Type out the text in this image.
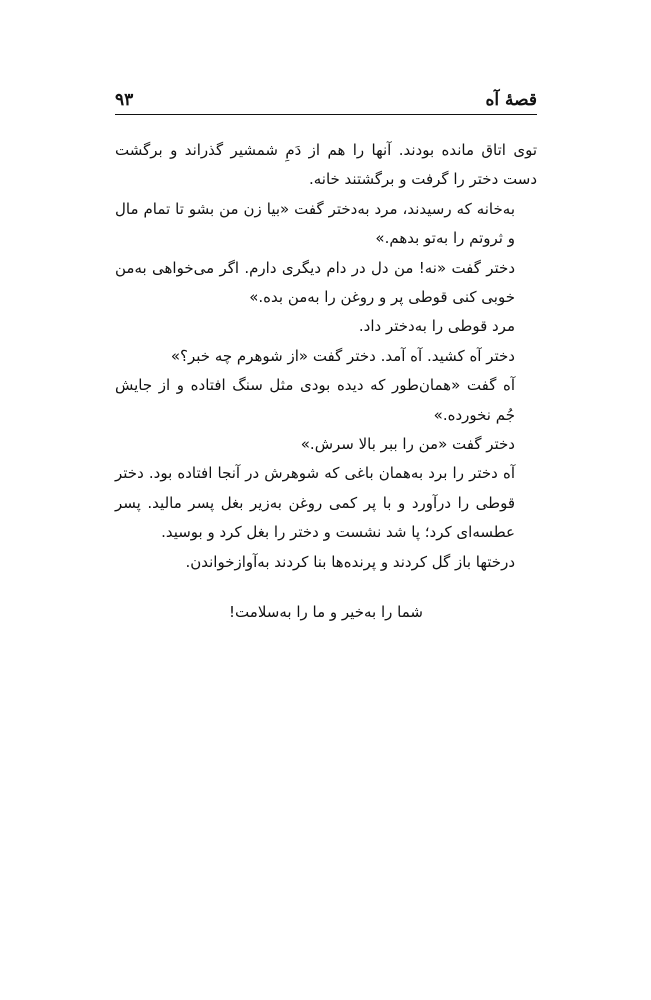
قصهٔ آه
۹۳

توی اتاق مانده بودند. آنها را هم از دَمِ شمشیر گذراند و برگشت دست دختر را گرفت و برگشتند خانه.

به‌خانه که رسیدند، مرد به‌دختر گفت «بیا زن من بشو تا تمام مال و ثروتم را به‌تو بدهم.»

دختر گفت «نه! من دل در دام دیگری دارم. اگر می‌خواهی به‌من خوبی کنی قوطی پر و روغن را به‌من بده.»

مرد قوطی را به‌دختر داد.

دختر آه کشید. آه آمد. دختر گفت «از شوهرم چه خبر؟»

آه گفت «همان‌طور که دیده بودی مثل سنگ افتاده و از جایش جُم نخورده.»

دختر گفت «من را ببر بالا سرش.»

آه دختر را برد به‌همان باغی که شوهرش در آنجا افتاده بود. دختر قوطی را درآورد و با پر کمی روغن به‌زیر بغل پسر مالید. پسر عطسه‌ای کرد؛ پا شد نشست و دختر را بغل کرد و بوسید.

درختها باز گل کردند و پرنده‌ها بنا کردند به‌آوازخواندن.

شما را به‌خیر و ما را به‌سلامت!
